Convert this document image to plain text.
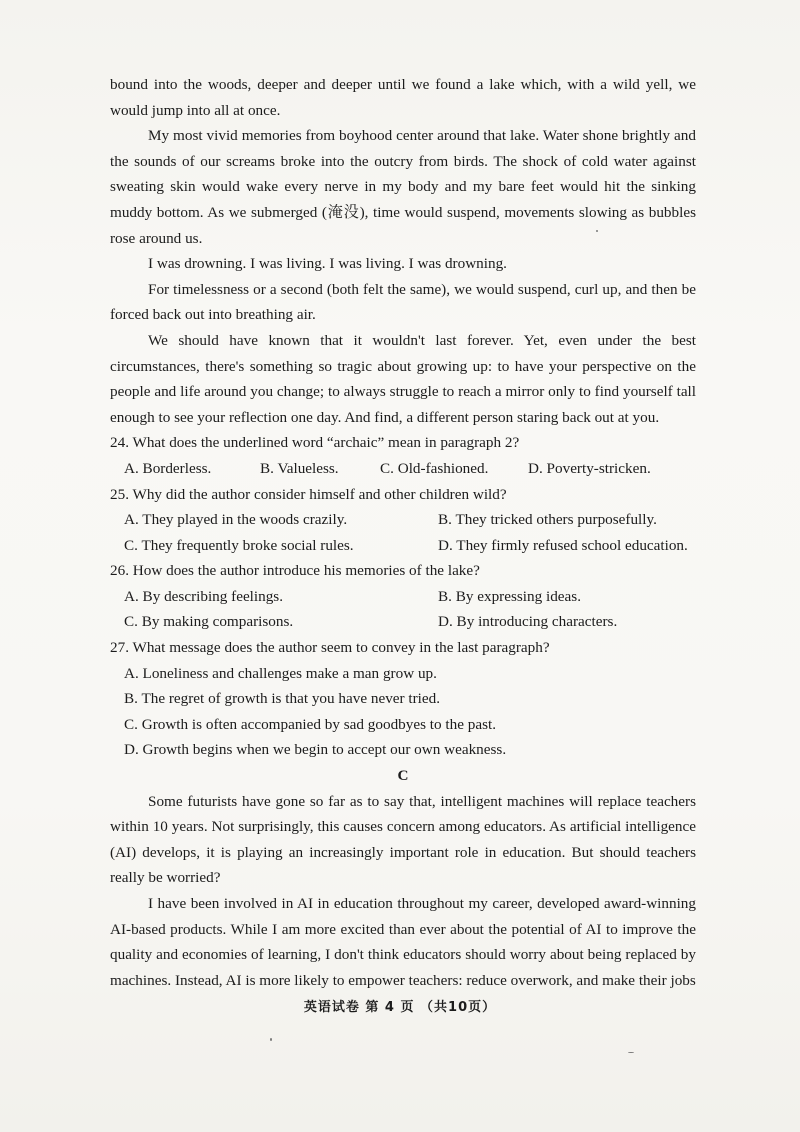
bound into the woods, deeper and deeper until we found a lake which, with a wild yell, we would jump into all at once.

My most vivid memories from boyhood center around that lake. Water shone brightly and the sounds of our screams broke into the outcry from birds. The shock of cold water against sweating skin would wake every nerve in my body and my bare feet would hit the sinking muddy bottom. As we submerged (淹没), time would suspend, movements slowing as bubbles rose around us.

I was drowning. I was living. I was living. I was drowning.

For timelessness or a second (both felt the same), we would suspend, curl up, and then be forced back out into breathing air.

We should have known that it wouldn't last forever. Yet, even under the best circumstances, there's something so tragic about growing up: to have your perspective on the people and life around you change; to always struggle to reach a mirror only to find yourself tall enough to see your reflection one day. And find, a different person staring back out at you.

24. What does the underlined word “archaic” mean in paragraph 2?

A. Borderless.	B. Valueless.	C. Old-fashioned.	D. Poverty-stricken.

25. Why did the author consider himself and other children wild?

A. They played in the woods crazily.	B. They tricked others purposefully.
C. They frequently broke social rules.	D. They firmly refused school education.

26. How does the author introduce his memories of the lake?

A. By describing feelings.	B. By expressing ideas.
C. By making comparisons.	D. By introducing characters.

27. What message does the author seem to convey in the last paragraph?

A. Loneliness and challenges make a man grow up.
B. The regret of growth is that you have never tried.
C. Growth is often accompanied by sad goodbyes to the past.
D. Growth begins when we begin to accept our own weakness.

C

Some futurists have gone so far as to say that, intelligent machines will replace teachers within 10 years. Not surprisingly, this causes concern among educators. As artificial intelligence (AI) develops, it is playing an increasingly important role in education. But should teachers really be worried?

I have been involved in AI in education throughout my career, developed award-winning AI-based products. While I am more excited than ever about the potential of AI to improve the quality and economies of learning, I don't think educators should worry about being replaced by machines. Instead, AI is more likely to empower teachers: reduce overwork, and make their jobs

英语试卷 第 4 页 （共10页）
